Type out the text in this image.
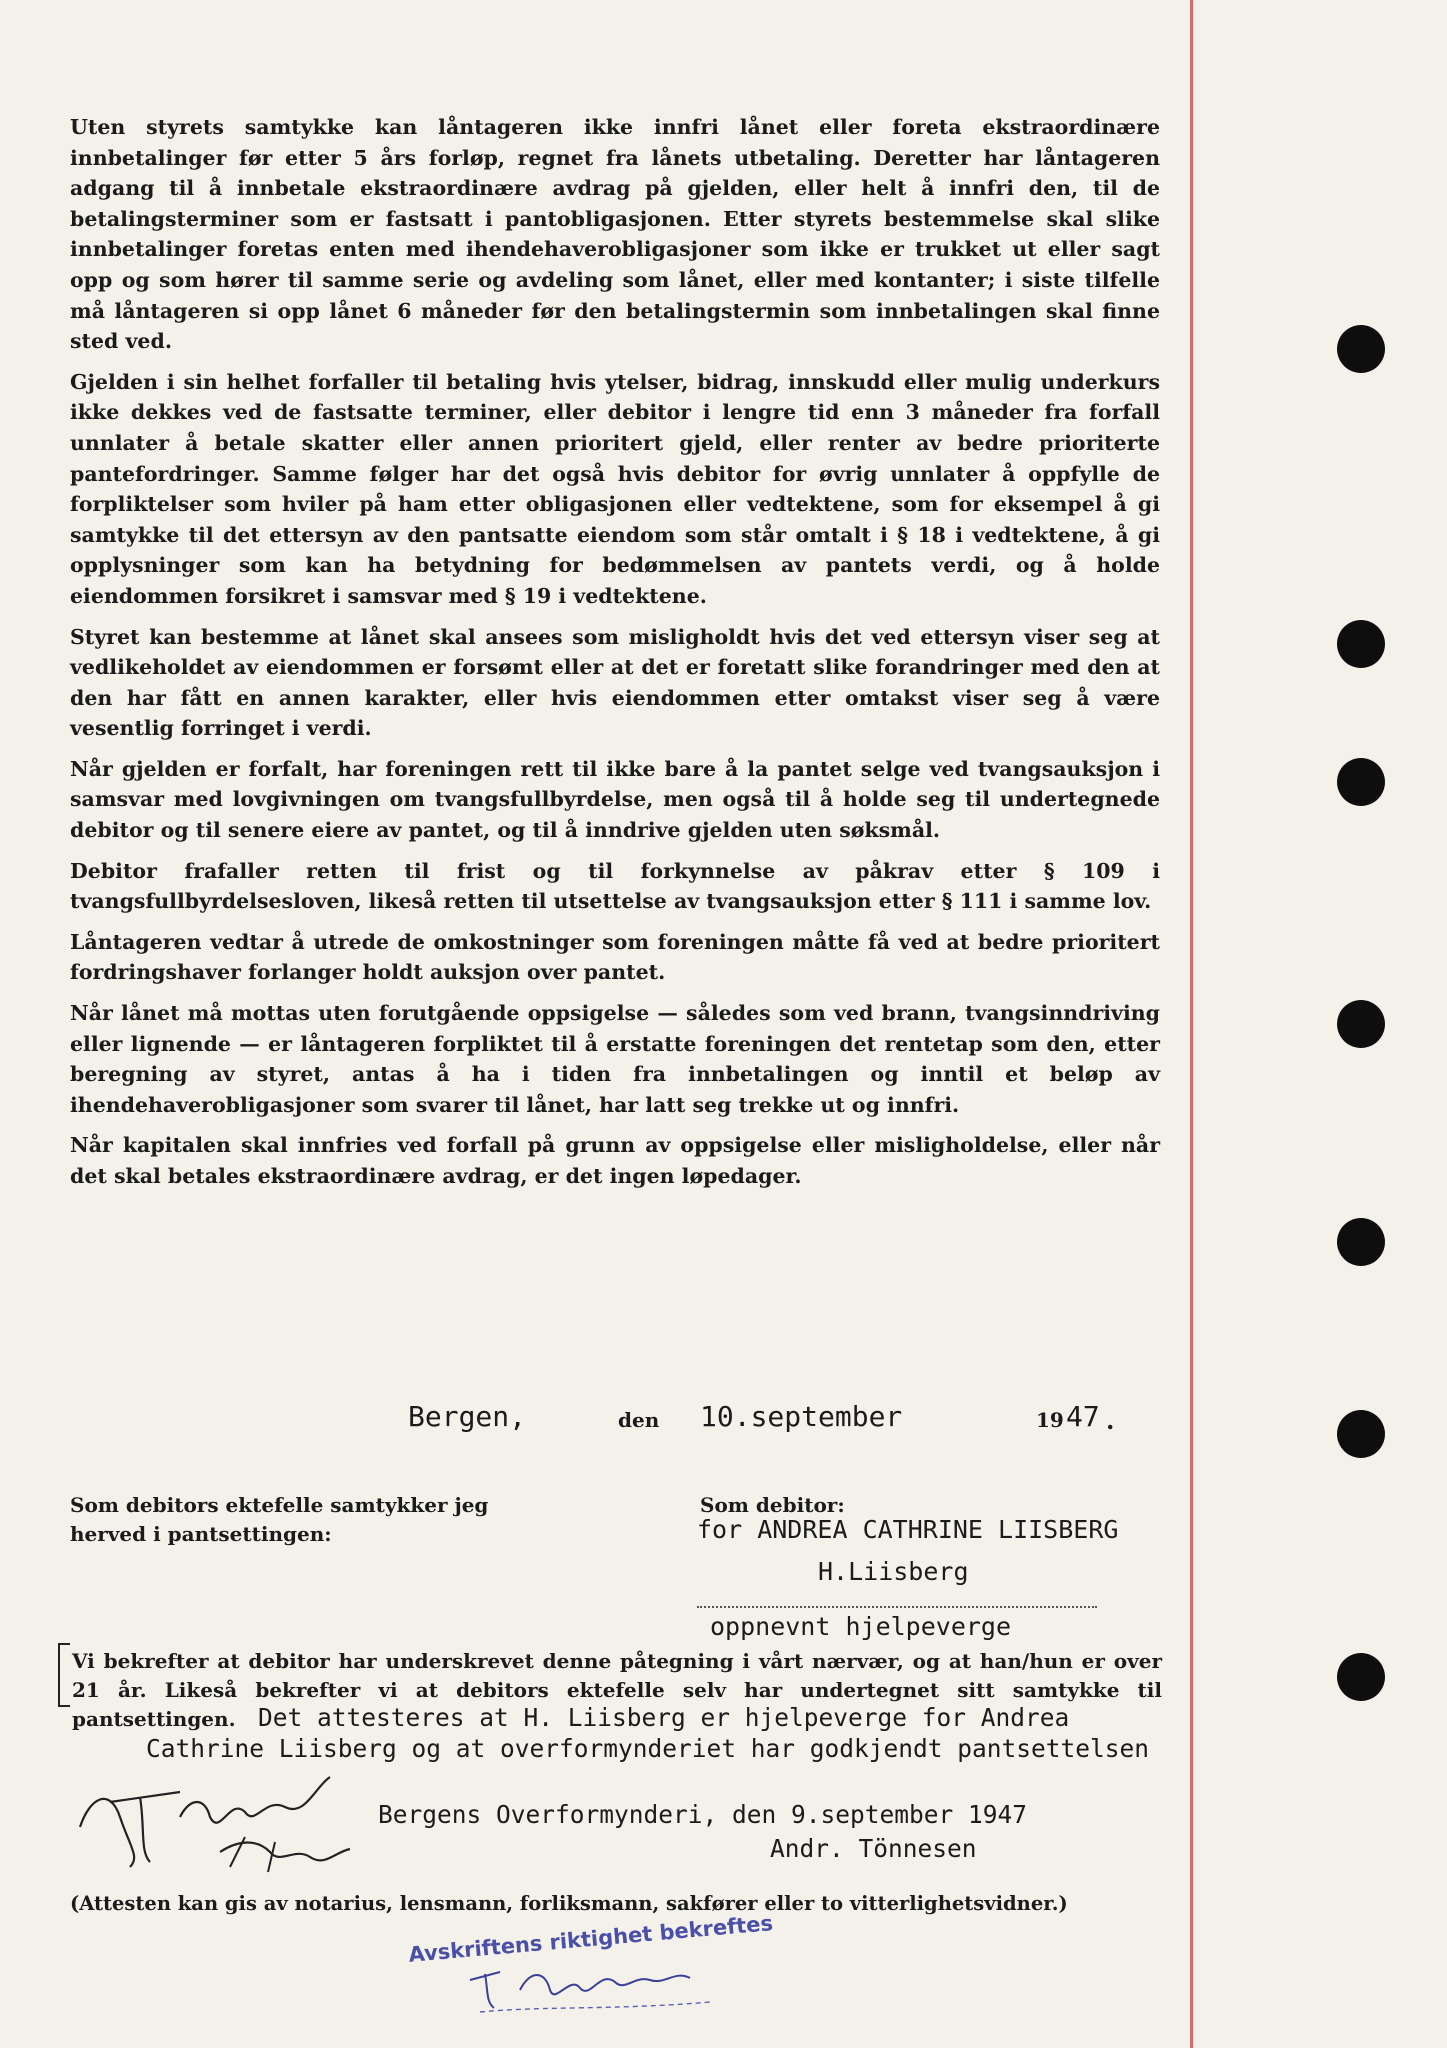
Uten styrets samtykke kan låntageren ikke innfri lånet eller foreta ekstraordinære innbetalinger før etter 5 års forløp, regnet fra lånets utbetaling. Deretter har låntageren adgang til å innbetale ekstraordinære avdrag på gjelden, eller helt å innfri den, til de betalingsterminer som er fastsatt i pantobligasjonen. Etter styrets bestemmelse skal slike innbetalinger foretas enten med ihendehaverobligasjoner som ikke er trukket ut eller sagt opp og som hører til samme serie og avdeling som lånet, eller med kontanter; i siste tilfelle må låntageren si opp lånet 6 måneder før den betalingstermin som innbetalingen skal finne sted ved.

Gjelden i sin helhet forfaller til betaling hvis ytelser, bidrag, innskudd eller mulig underkurs ikke dekkes ved de fastsatte terminer, eller debitor i lengre tid enn 3 måneder fra forfall unnlater å betale skatter eller annen prioritert gjeld, eller renter av bedre prioriterte pantefordringer. Samme følger har det også hvis debitor for øvrig unnlater å oppfylle de forpliktelser som hviler på ham etter obligasjonen eller vedtektene, som for eksempel å gi samtykke til det ettersyn av den pantsatte eiendom som står omtalt i § 18 i vedtektene, å gi opplysninger som kan ha betydning for bedømmelsen av pantets verdi, og å holde eiendommen forsikret i samsvar med § 19 i vedtektene.

Styret kan bestemme at lånet skal ansees som misligholdt hvis det ved ettersyn viser seg at vedlikeholdet av eiendommen er forsømt eller at det er foretatt slike forandringer med den at den har fått en annen karakter, eller hvis eiendommen etter omtakst viser seg å være vesentlig forringet i verdi.

Når gjelden er forfalt, har foreningen rett til ikke bare å la pantet selge ved tvangsauksjon i samsvar med lovgivningen om tvangsfullbyrdelse, men også til å holde seg til undertegnede debitor og til senere eiere av pantet, og til å inndrive gjelden uten søksmål.

Debitor frafaller retten til frist og til forkynnelse av påkrav etter § 109 i tvangsfullbyrdelsesloven, likeså retten til utsettelse av tvangsauksjon etter § 111 i samme lov.

Låntageren vedtar å utrede de omkostninger som foreningen måtte få ved at bedre prioritert fordringshaver forlanger holdt auksjon over pantet.

Når lånet må mottas uten forutgående oppsigelse — således som ved brann, tvangsinndriving eller lignende — er låntageren forpliktet til å erstatte foreningen det rentetap som den, etter beregning av styret, antas å ha i tiden fra innbetalingen og inntil et beløp av ihendehaverobligasjoner som svarer til lånet, har latt seg trekke ut og innfri.

Når kapitalen skal innfries ved forfall på grunn av oppsigelse eller misligholdelse, eller når det skal betales ekstraordinære avdrag, er det ingen løpedager.

Bergen,	den 10.september	19 47 .
Som debitors ektefelle samtykker jeg
herved i pantsettingen:
Som debitor:
for ANDREA CATHRINE LIISBERG
H.Liisberg
oppnevnt hjelpeverge
Vi bekrefter at debitor har underskrevet denne påtegning i vårt nærvær, og at han/hun er over 21 år. Likeså bekrefter vi at debitors ektefelle selv har undertegnet sitt samtykke til pantsettingen. Det attesteres at H. Liisberg er hjelpeverge for Andrea
Cathrine Liisberg og at overformynderiet har godkjendt pantsettelsen
Bergens Overformynderi, den 9.september 1947
Andr. Tönnesen
(Attesten kan gis av notarius, lensmann, forliksmann, sakfører eller to vitterlighetsvidner.)
Avskriftens riktighet bekreftes
